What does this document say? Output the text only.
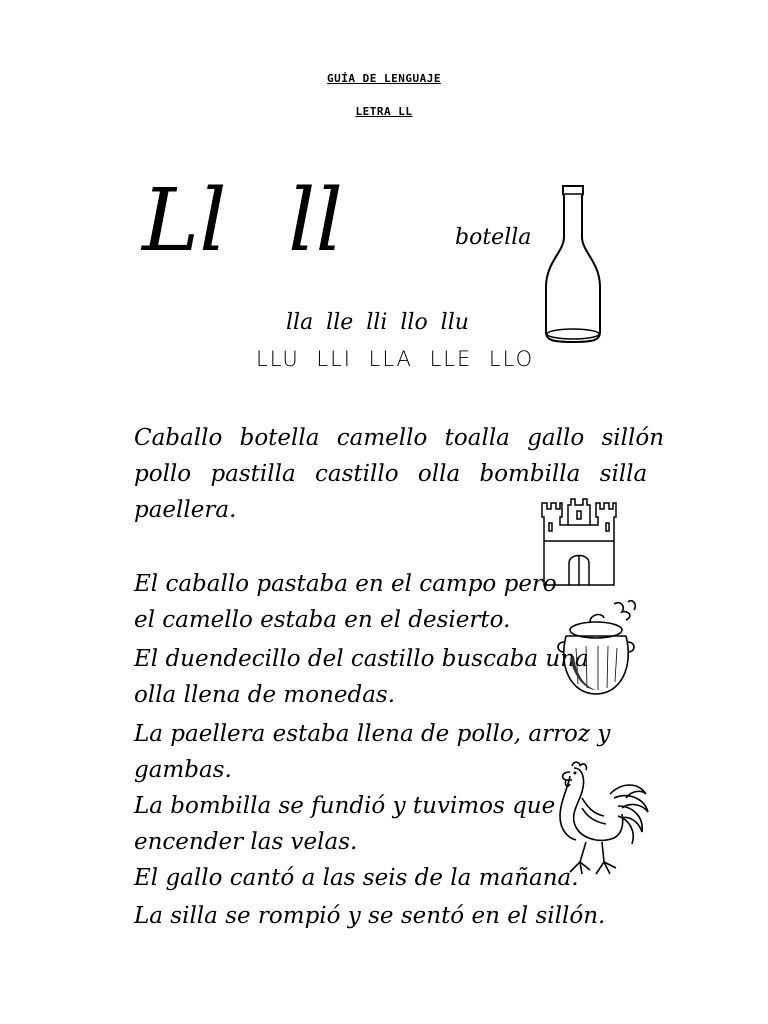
GUÍA DE LENGUAJE
LETRA LL
Ll ll	botella
lla lle lli llo llu
LLU LLI LLA LLE LLO
Caballo botella camello toalla gallo sillón
pollo pastilla castillo olla bombilla silla
paellera.
El caballo pastaba en el campo pero
el camello estaba en el desierto.
El duendecillo del castillo buscaba una
olla llena de monedas.
La paellera estaba llena de pollo, arroz y
gambas.
La bombilla se fundió y tuvimos que
encender las velas.
El gallo cantó a las seis de la mañana.
La silla se rompió y se sentó en el sillón.
